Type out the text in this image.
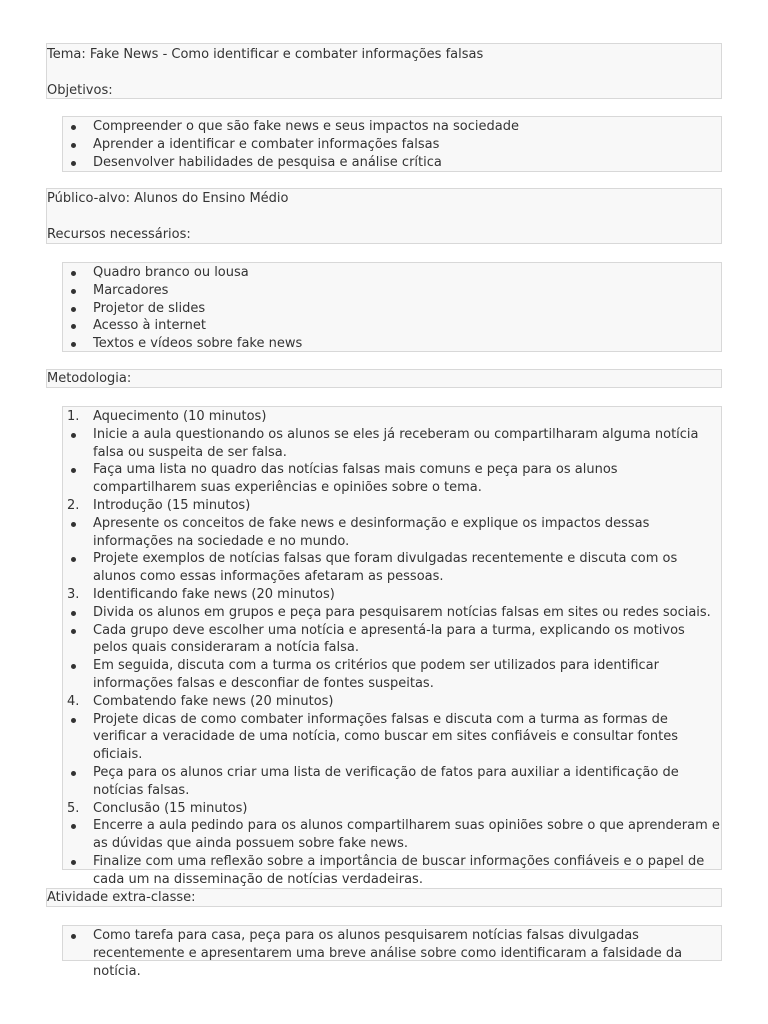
Tema: Fake News - Como identificar e combater informações falsas

Objetivos:

Compreender o que são fake news e seus impactos na sociedade
Aprender a identificar e combater informações falsas
Desenvolver habilidades de pesquisa e análise crítica

Público-alvo: Alunos do Ensino Médio

Recursos necessários:

Quadro branco ou lousa
Marcadores
Projetor de slides
Acesso à internet
Textos e vídeos sobre fake news

Metodologia:

1.	Aquecimento (10 minutos)
Inicie a aula questionando os alunos se eles já receberam ou compartilharam alguma notícia falsa ou suspeita de ser falsa.
Faça uma lista no quadro das notícias falsas mais comuns e peça para os alunos compartilharem suas experiências e opiniões sobre o tema.
2.	Introdução (15 minutos)
Apresente os conceitos de fake news e desinformação e explique os impactos dessas informações na sociedade e no mundo.
Projete exemplos de notícias falsas que foram divulgadas recentemente e discuta com os alunos como essas informações afetaram as pessoas.
3.	Identificando fake news (20 minutos)
Divida os alunos em grupos e peça para pesquisarem notícias falsas em sites ou redes sociais.
Cada grupo deve escolher uma notícia e apresentá-la para a turma, explicando os motivos pelos quais consideraram a notícia falsa.
Em seguida, discuta com a turma os critérios que podem ser utilizados para identificar informações falsas e desconfiar de fontes suspeitas.
4.	Combatendo fake news (20 minutos)
Projete dicas de como combater informações falsas e discuta com a turma as formas de verificar a veracidade de uma notícia, como buscar em sites confiáveis e consultar fontes oficiais.
Peça para os alunos criar uma lista de verificação de fatos para auxiliar a identificação de notícias falsas.
5.	Conclusão (15 minutos)
Encerre a aula pedindo para os alunos compartilharem suas opiniões sobre o que aprenderam e as dúvidas que ainda possuem sobre fake news.
Finalize com uma reflexão sobre a importância de buscar informações confiáveis e o papel de cada um na disseminação de notícias verdadeiras.

Atividade extra-classe:

Como tarefa para casa, peça para os alunos pesquisarem notícias falsas divulgadas recentemente e apresentarem uma breve análise sobre como identificaram a falsidade da notícia.
